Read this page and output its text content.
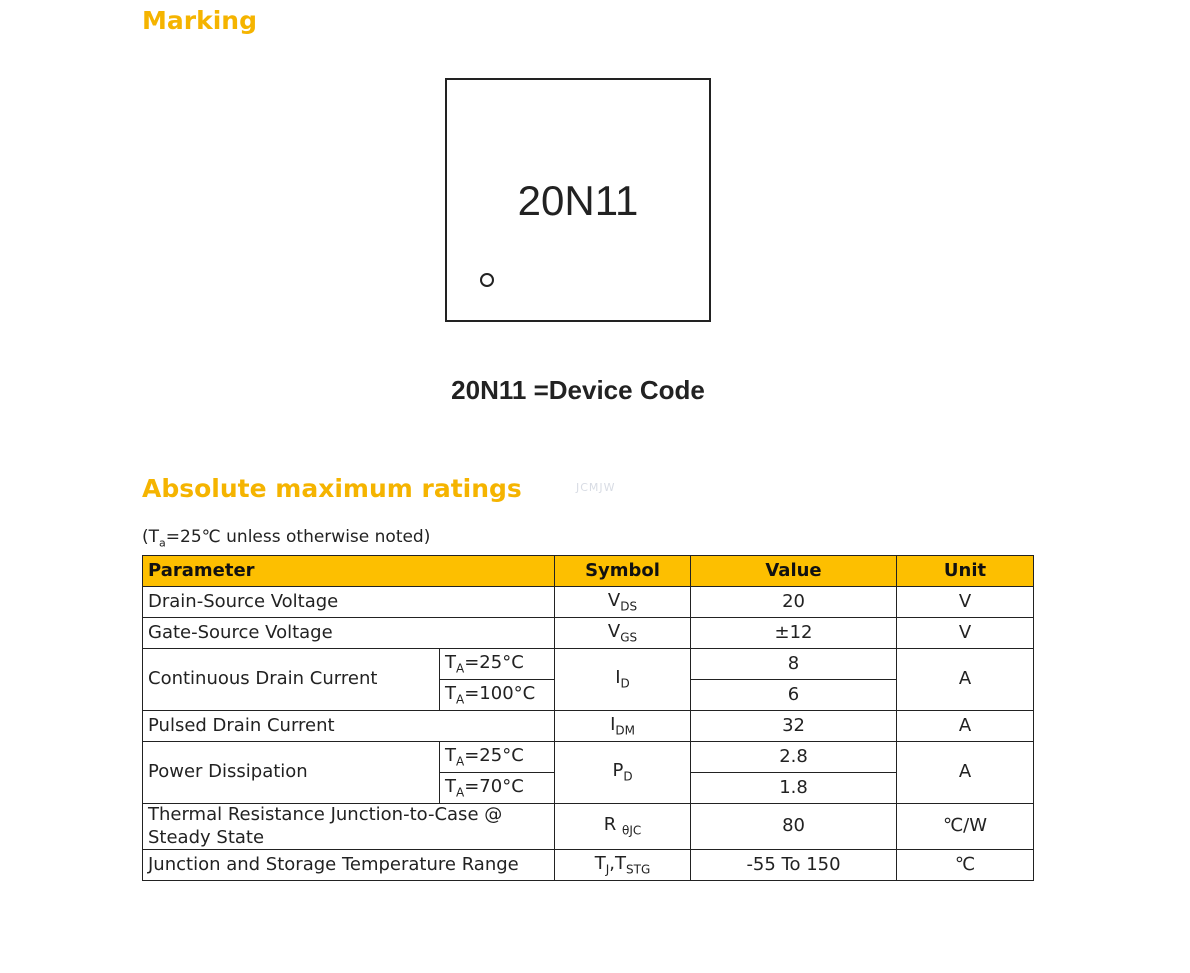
Marking
20N11
20N11 =Device Code
Absolute maximum ratings	JCMJW
($T_a=25℃$ unless otherwise noted)
Parameter		Symbol	Value	Unit
Drain-Source Voltage		$V_{DS}$	20	V
Gate-Source Voltage		$V_{GS}$	±12	V
Continuous Drain Current	$T_A=25^\circ C$	$I_D$	8	A
	$T_A=100^\circ C$		6	
Pulsed Drain Current		$I_{DM}$	32	A
Power Dissipation	$T_A=25^\circ C$	$P_D$	2.8	A
	$T_A=70^\circ C$		1.8	
Thermal Resistance Junction-to-Case @
Steady State		R $_{\theta JC}$	80	℃/W
Junction and Storage Temperature Range		$T_J,T_{STG}$	-55 To 150	℃
